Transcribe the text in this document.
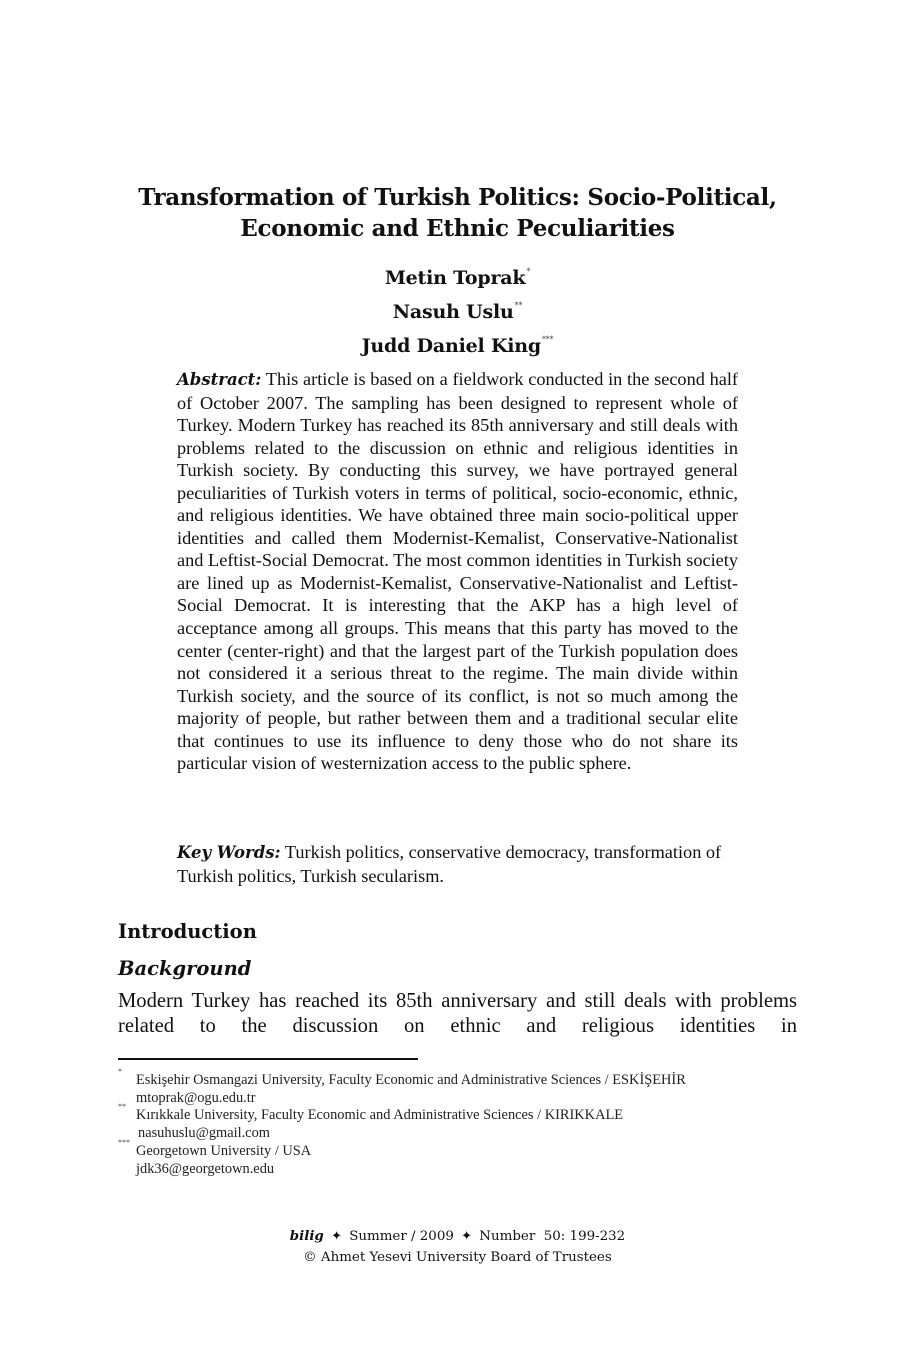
Transformation of Turkish Politics: Socio-Political,
Economic and Ethnic Peculiarities
Metin Toprak*
Nasuh Uslu**
Judd Daniel King***

Abstract: This article is based on a fieldwork conducted in the second half of October 2007. The sampling has been designed to represent whole of Turkey. Modern Turkey has reached its 85th anniversary and still deals with problems related to the discussion on ethnic and religious identities in Turkish society. By conducting this survey, we have portrayed general peculiarities of Turkish voters in terms of political, socio-economic, ethnic, and religious identities. We have obtained three main socio-political upper identities and called them Modernist-Kemalist, Conservative-Nationalist and Leftist-Social Democrat. The most common identities in Turkish society are lined up as Modernist-Kemalist, Conservative-Nationalist and Leftist-Social Democrat. It is interesting that the AKP has a high level of acceptance among all groups. This means that this party has moved to the center (center-right) and that the largest part of the Turkish population does not considered it a serious threat to the regime. The main divide within Turkish society, and the source of its conflict, is not so much among the majority of people, but rather between them and a traditional secular elite that continues to use its influence to deny those who do not share its particular vision of westernization access to the public sphere.

Key Words: Turkish politics, conservative democracy, transformation of Turkish politics, Turkish secularism.

Introduction
Background

Modern Turkey has reached its 85th anniversary and still deals with problems related to the discussion on ethnic and religious identities in

*
Eskişehir Osmangazi University, Faculty Economic and Administrative Sciences / ESKİŞEHİR
mtoprak@ogu.edu.tr
**
Kırıkkale University, Faculty Economic and Administrative Sciences / KIRIKKALE
nasuhuslu@gmail.com
***
Georgetown University / USA
jdk36@georgetown.edu
bilig ✦ Summer / 2009 ✦ Number  50: 199-232
© Ahmet Yesevi University Board of Trustees
